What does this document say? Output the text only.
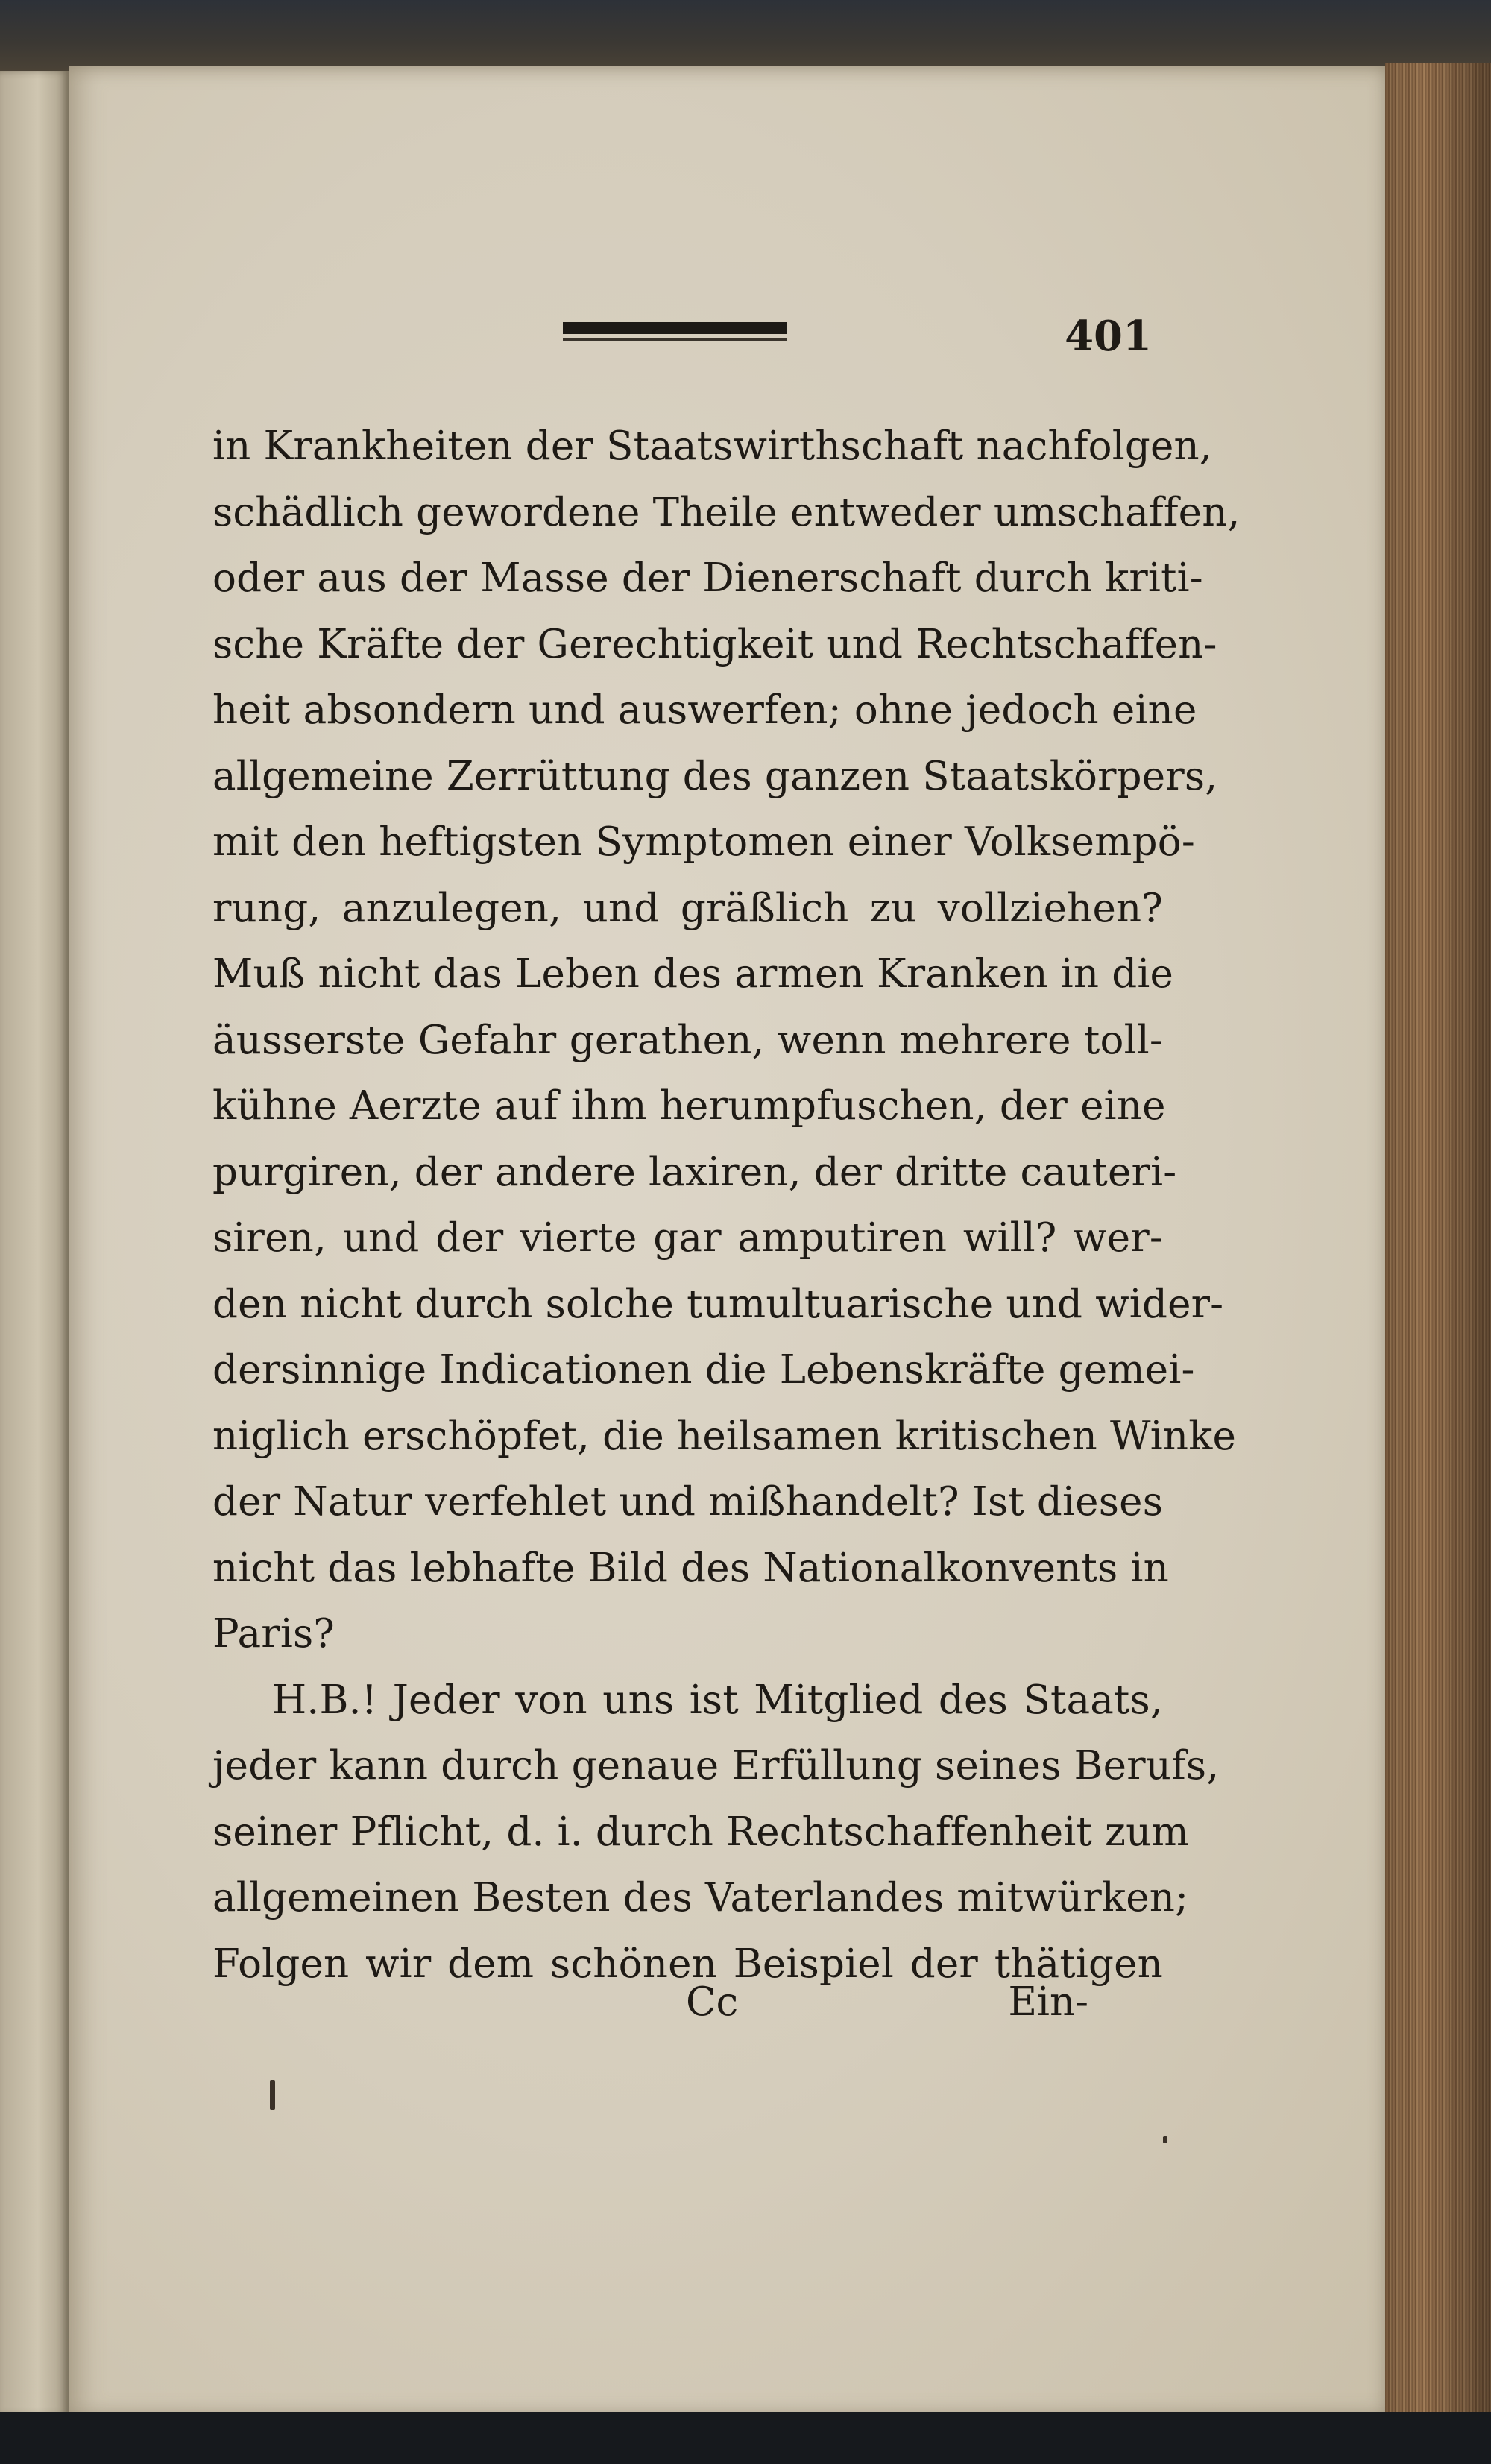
401
in Krankheiten der Staatswirthschaft nachfolgen,
schädlich gewordene Theile entweder umschaffen,
oder aus der Masse der Dienerschaft durch kriti-
sche Kräfte der Gerechtigkeit und Rechtschaffen-
heit absondern und auswerfen; ohne jedoch eine
allgemeine Zerrüttung des ganzen Staatskörpers,
mit den heftigsten Symptomen einer Volksempö-
rung, anzulegen, und gräßlich zu vollziehen?
Muß nicht das Leben des armen Kranken in die
äusserste Gefahr gerathen, wenn mehrere toll-
kühne Aerzte auf ihm herumpfuschen, der eine
purgiren, der andere laxiren, der dritte cauteri-
siren, und der vierte gar amputiren will? wer-
den nicht durch solche tumultuarische und wider-
dersinnige Indicationen die Lebenskräfte gemei-
niglich erschöpfet, die heilsamen kritischen Winke
der Natur verfehlet und mißhandelt? Ist dieses
nicht das lebhafte Bild des Nationalkonvents in
Paris?
H.B.! Jeder von uns ist Mitglied des Staats,
jeder kann durch genaue Erfüllung seines Berufs,
seiner Pflicht, d. i. durch Rechtschaffenheit zum
allgemeinen Besten des Vaterlandes mitwürken;
Folgen wir dem schönen Beispiel der thätigen
Cc	Ein-
